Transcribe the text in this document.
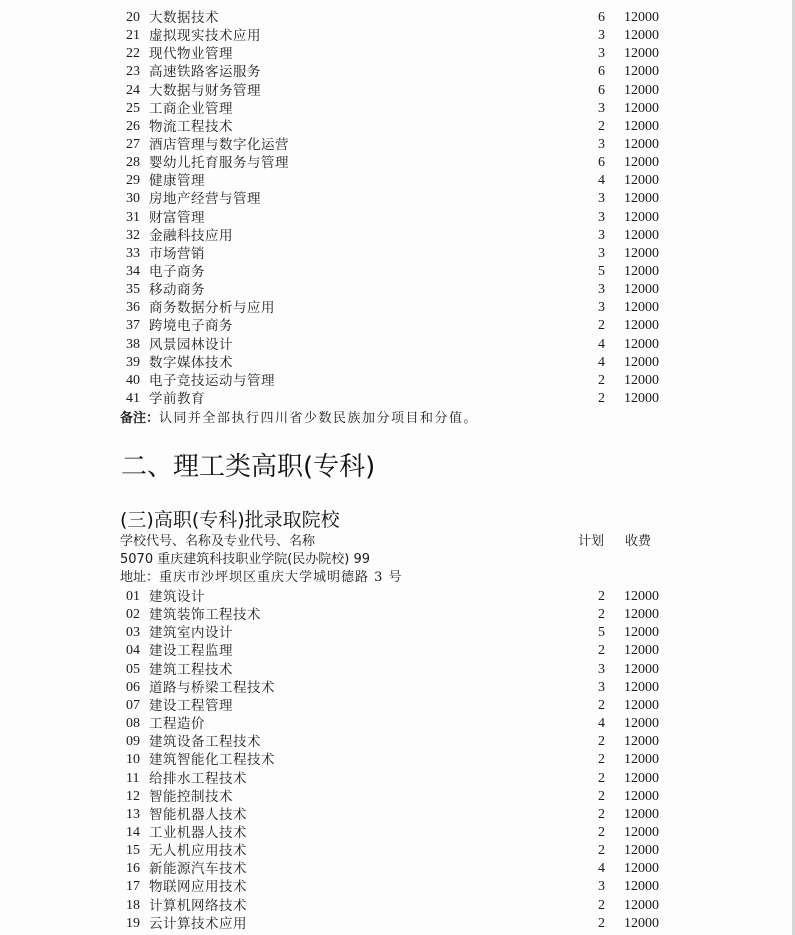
20 大数据技术	6 12000
21 虚拟现实技术应用	3 12000
22 现代物业管理	3 12000
23 高速铁路客运服务	6 12000
24 大数据与财务管理	6 12000
25 工商企业管理	3 12000
26 物流工程技术	2 12000
27 酒店管理与数字化运营	3 12000
28 婴幼儿托育服务与管理	6 12000
29 健康管理	4 12000
30 房地产经营与管理	3 12000
31 财富管理	3 12000
32 金融科技应用	3 12000
33 市场营销	3 12000
34 电子商务	5 12000
35 移动商务	3 12000
36 商务数据分析与应用	3 12000
37 跨境电子商务	2 12000
38 风景园林设计	4 12000
39 数字媒体技术	4 12000
40 电子竞技运动与管理	2 12000
41 学前教育	2 12000
备注：认同并全部执行四川省少数民族加分项目和分值。
二、理工类高职(专科)
(三)高职(专科)批录取院校
学校代号、名称及专业代号、名称	计划 收费
5070 重庆建筑科技职业学院(民办院校) 99
地址：重庆市沙坪坝区重庆大学城明德路 3 号
01 建筑设计	2 12000
02 建筑装饰工程技术	2 12000
03 建筑室内设计	5 12000
04 建设工程监理	2 12000
05 建筑工程技术	3 12000
06 道路与桥梁工程技术	3 12000
07 建设工程管理	2 12000
08 工程造价	4 12000
09 建筑设备工程技术	2 12000
10 建筑智能化工程技术	2 12000
11 给排水工程技术	2 12000
12 智能控制技术	2 12000
13 智能机器人技术	2 12000
14 工业机器人技术	2 12000
15 无人机应用技术	2 12000
16 新能源汽车技术	4 12000
17 物联网应用技术	3 12000
18 计算机网络技术	2 12000
19 云计算技术应用	2 12000
